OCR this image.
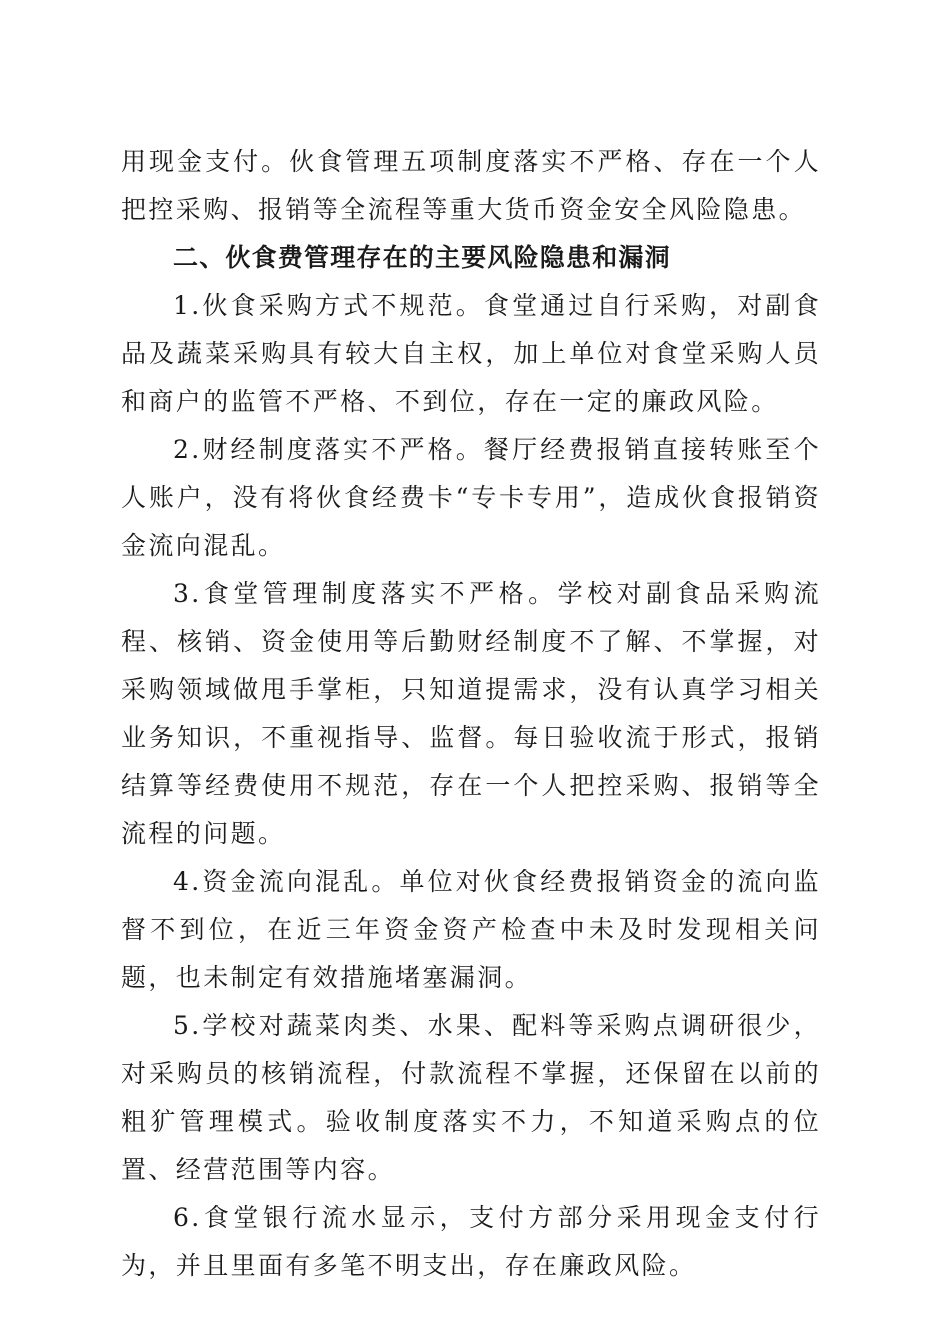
用现金支付。伙食管理五项制度落实不严格、存在一个人把控采购、报销等全流程等重大货币资金安全风险隐患。

二、伙食费管理存在的主要风险隐患和漏洞

1.伙食采购方式不规范。食堂通过自行采购，对副食品及蔬菜采购具有较大自主权，加上单位对食堂采购人员和商户的监管不严格、不到位，存在一定的廉政风险。

2.财经制度落实不严格。餐厅经费报销直接转账至个人账户，没有将伙食经费卡“专卡专用”，造成伙食报销资金流向混乱。

3.食堂管理制度落实不严格。学校对副食品采购流程、核销、资金使用等后勤财经制度不了解、不掌握，对采购领域做甩手掌柜，只知道提需求，没有认真学习相关业务知识，不重视指导、监督。每日验收流于形式，报销结算等经费使用不规范，存在一个人把控采购、报销等全流程的问题。

4.资金流向混乱。单位对伙食经费报销资金的流向监督不到位，在近三年资金资产检查中未及时发现相关问题，也未制定有效措施堵塞漏洞。

5.学校对蔬菜肉类、水果、配料等采购点调研很少，对采购员的核销流程，付款流程不掌握，还保留在以前的粗犷管理模式。验收制度落实不力，不知道采购点的位置、经营范围等内容。

6.食堂银行流水显示，支付方部分采用现金支付行为，并且里面有多笔不明支出，存在廉政风险。
